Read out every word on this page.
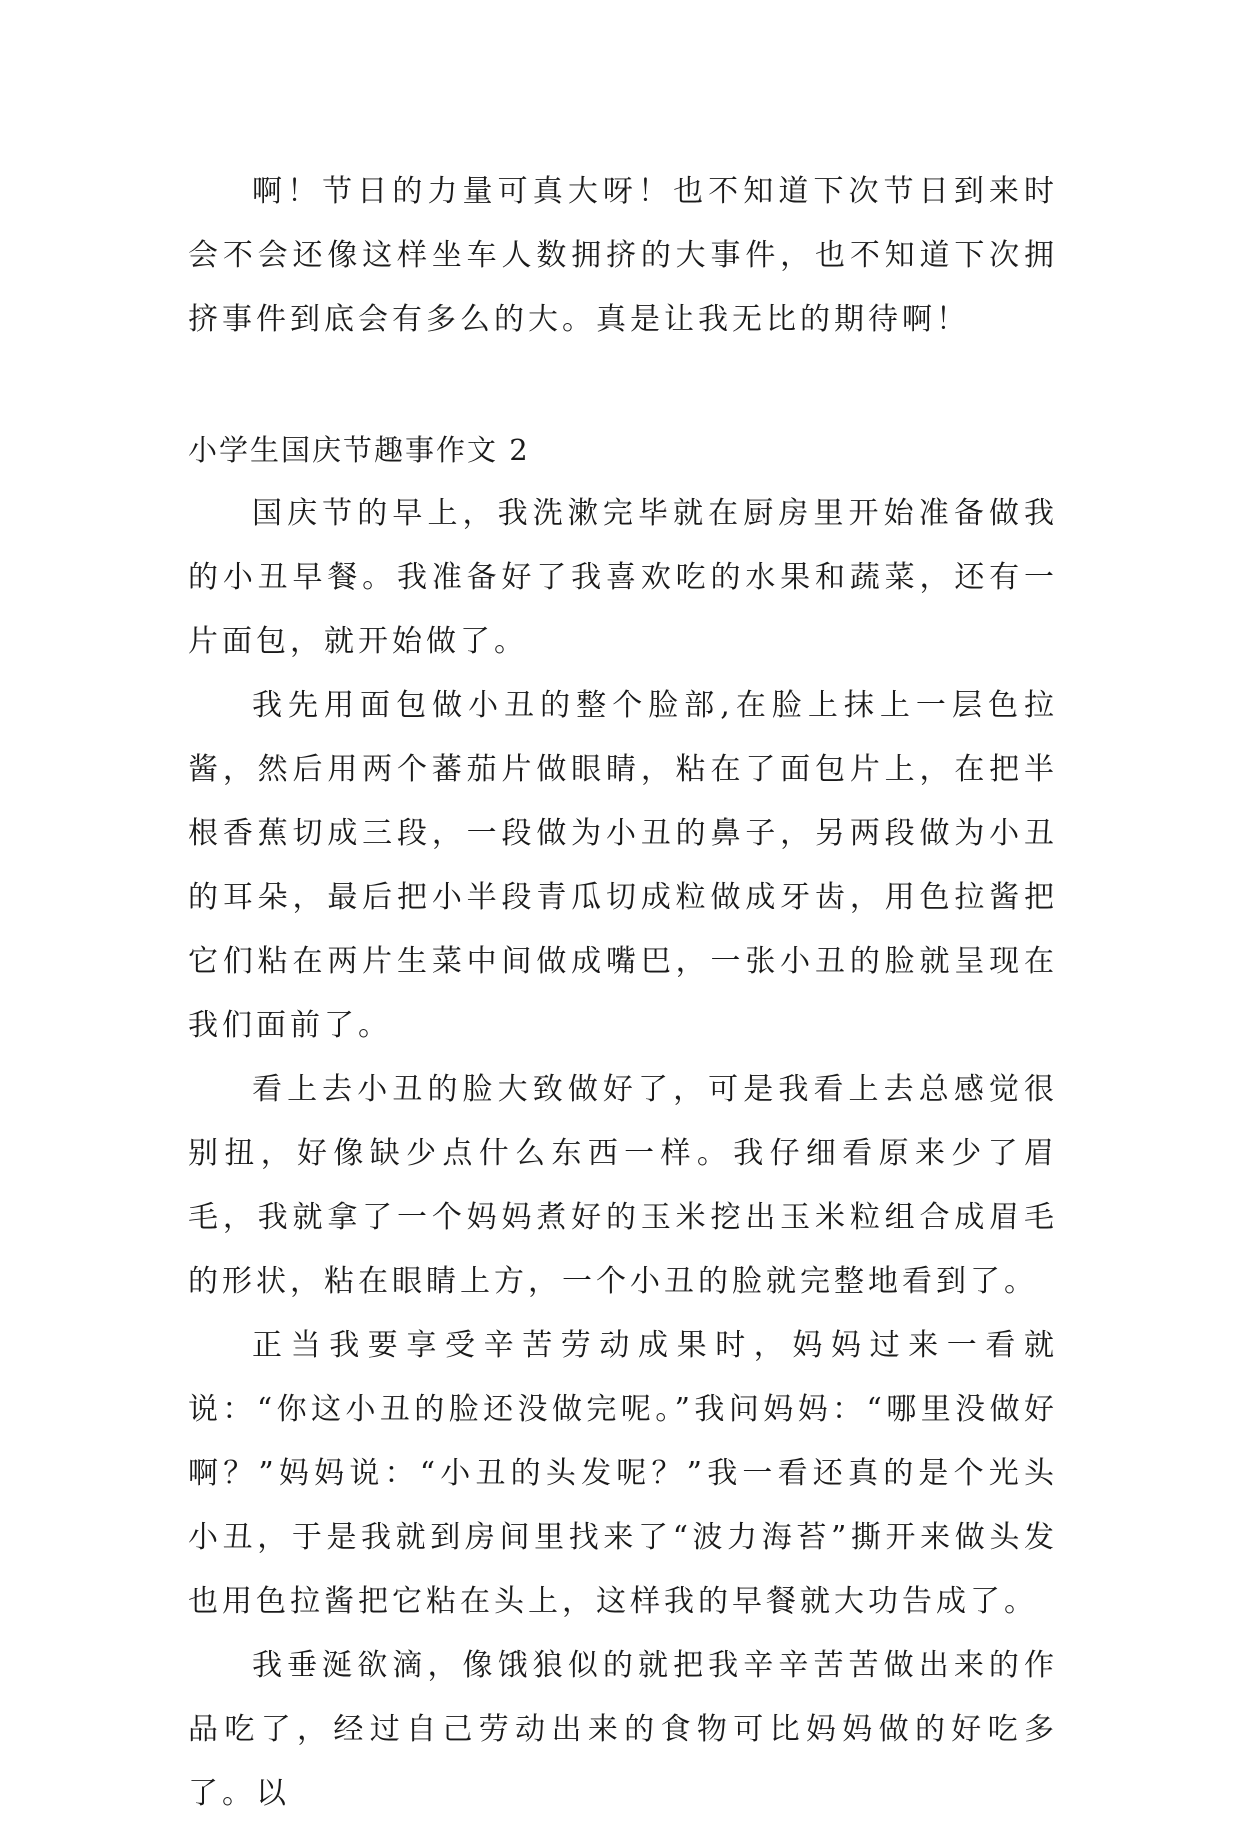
啊！节日的力量可真大呀！也不知道下次节日到来时会不会还像这样坐车人数拥挤的大事件，也不知道下次拥挤事件到底会有多么的大。真是让我无比的期待啊！

小学生国庆节趣事作文 2

国庆节的早上，我洗漱完毕就在厨房里开始准备做我的小丑早餐。我准备好了我喜欢吃的水果和蔬菜，还有一片面包，就开始做了。

我先用面包做小丑的整个脸部,在脸上抹上一层色拉酱，然后用两个蕃茄片做眼睛，粘在了面包片上，在把半根香蕉切成三段，一段做为小丑的鼻子，另两段做为小丑的耳朵，最后把小半段青瓜切成粒做成牙齿，用色拉酱把它们粘在两片生菜中间做成嘴巴，一张小丑的脸就呈现在我们面前了。

看上去小丑的脸大致做好了，可是我看上去总感觉很别扭，好像缺少点什么东西一样。我仔细看原来少了眉毛，我就拿了一个妈妈煮好的玉米挖出玉米粒组合成眉毛的形状，粘在眼睛上方，一个小丑的脸就完整地看到了。

正当我要享受辛苦劳动成果时，妈妈过来一看就说：“你这小丑的脸还没做完呢。”我问妈妈：“哪里没做好啊？”妈妈说：“小丑的头发呢？”我一看还真的是个光头小丑，于是我就到房间里找来了“波力海苔”撕开来做头发也用色拉酱把它粘在头上，这样我的早餐就大功告成了。

我垂涎欲滴，像饿狼似的就把我辛辛苦苦做出来的作品吃了，经过自己劳动出来的食物可比妈妈做的好吃多了。以
